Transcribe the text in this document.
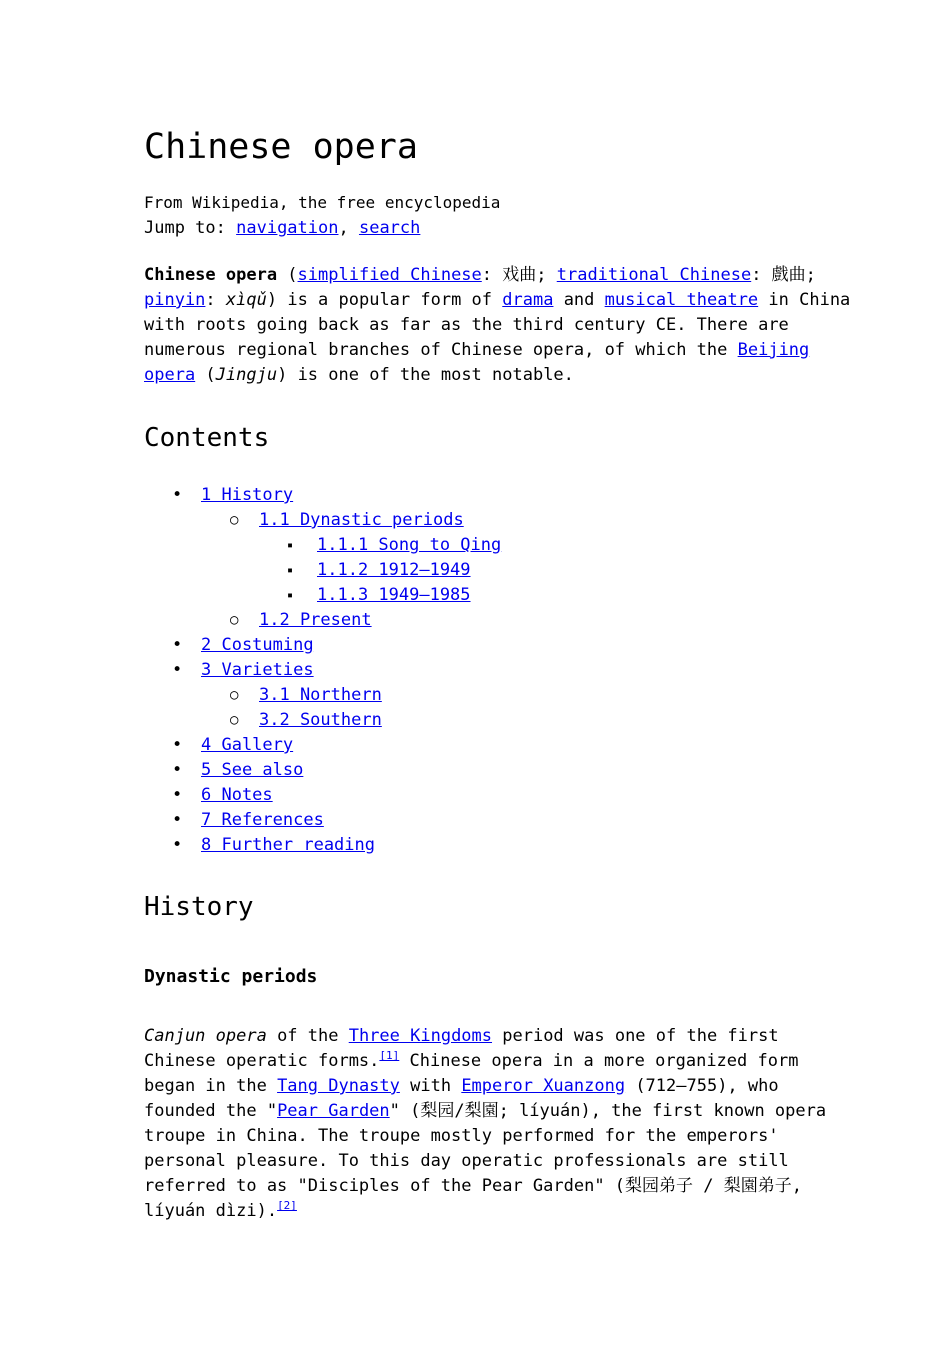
Chinese opera
From Wikipedia, the free encyclopedia
Jump to: navigation, search
Chinese opera (simplified Chinese: 戏曲; traditional Chinese: 戲曲;
pinyin: xìqǔ) is a popular form of drama and musical theatre in China
with roots going back as far as the third century CE. There are
numerous regional branches of Chinese opera, of which the Beijing
opera (Jingju) is one of the most notable.
Contents
• 1 History
○ 1.1 Dynastic periods
▪ 1.1.1 Song to Qing
▪ 1.1.2 1912–1949
▪ 1.1.3 1949–1985
○ 1.2 Present
• 2 Costuming
• 3 Varieties
○ 3.1 Northern
○ 3.2 Southern
• 4 Gallery
• 5 See also
• 6 Notes
• 7 References
• 8 Further reading
History
Dynastic periods
Canjun opera of the Three Kingdoms period was one of the first
Chinese operatic forms.[1] Chinese opera in a more organized form
began in the Tang Dynasty with Emperor Xuanzong (712–755), who
founded the "Pear Garden" (梨园/梨園; líyuán), the first known opera
troupe in China. The troupe mostly performed for the emperors'
personal pleasure. To this day operatic professionals are still
referred to as "Disciples of the Pear Garden" (梨园弟子 / 梨園弟子,
líyuán dìzi).[2]
